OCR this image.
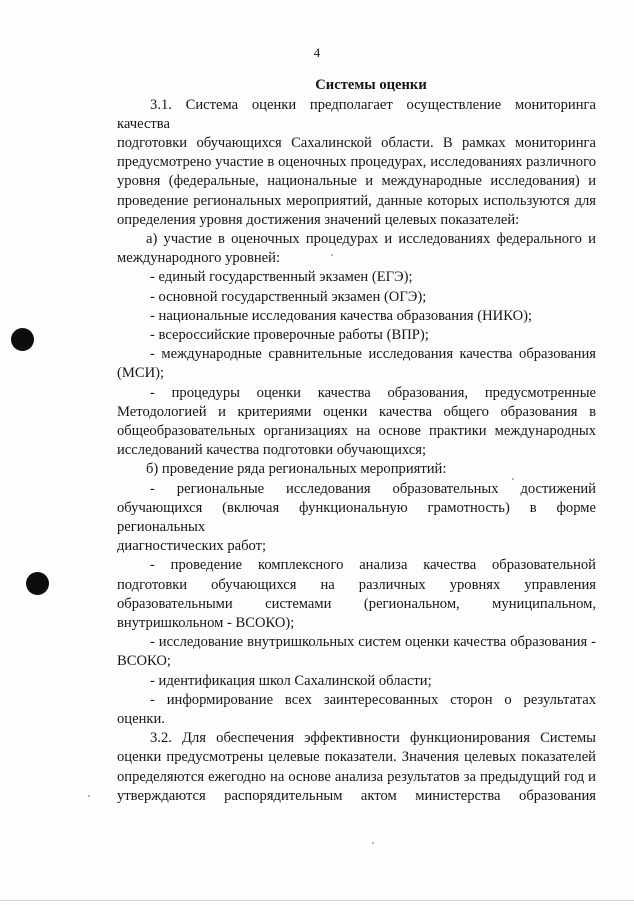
4
Системы оценки

3.1. Система оценки предполагает осуществление мониторинга качества
подготовки обучающихся Сахалинской области. В рамках мониторинга
предусмотрено участие в оценочных процедурах, исследованиях различного
уровня (федеральные, национальные и международные исследования) и
проведение региональных мероприятий, данные которых используются для
определения уровня достижения значений целевых показателей:

а) участие в оценочных процедурах и исследованиях федерального и
международного уровней:

- единый государственный экзамен (ЕГЭ);

- основной государственный экзамен (ОГЭ);

- национальные исследования качества образования (НИКО);

- всероссийские проверочные работы (ВПР);

- международные сравнительные исследования качества образования
(МСИ);

- процедуры оценки качества образования, предусмотренные
Методологией и критериями оценки качества общего образования в
общеобразовательных организациях на основе практики международных
исследований качества подготовки обучающихся;

б) проведение ряда региональных мероприятий:

- региональные исследования образовательных достижений
обучающихся (включая функциональную грамотность) в форме региональных
диагностических работ;

- проведение комплексного анализа качества образовательной
подготовки обучающихся на различных уровнях управления
образовательными системами (региональном, муниципальном,
внутришкольном - ВСОКО);

- исследование внутришкольных систем оценки качества образования -
ВСОКО;

- идентификация школ Сахалинской области;

- информирование всех заинтересованных сторон о результатах оценки.

3.2. Для обеспечения эффективности функционирования Системы
оценки предусмотрены целевые показатели. Значения целевых показателей
определяются ежегодно на основе анализа результатов за предыдущий год и
утверждаются распорядительным актом министерства образования
